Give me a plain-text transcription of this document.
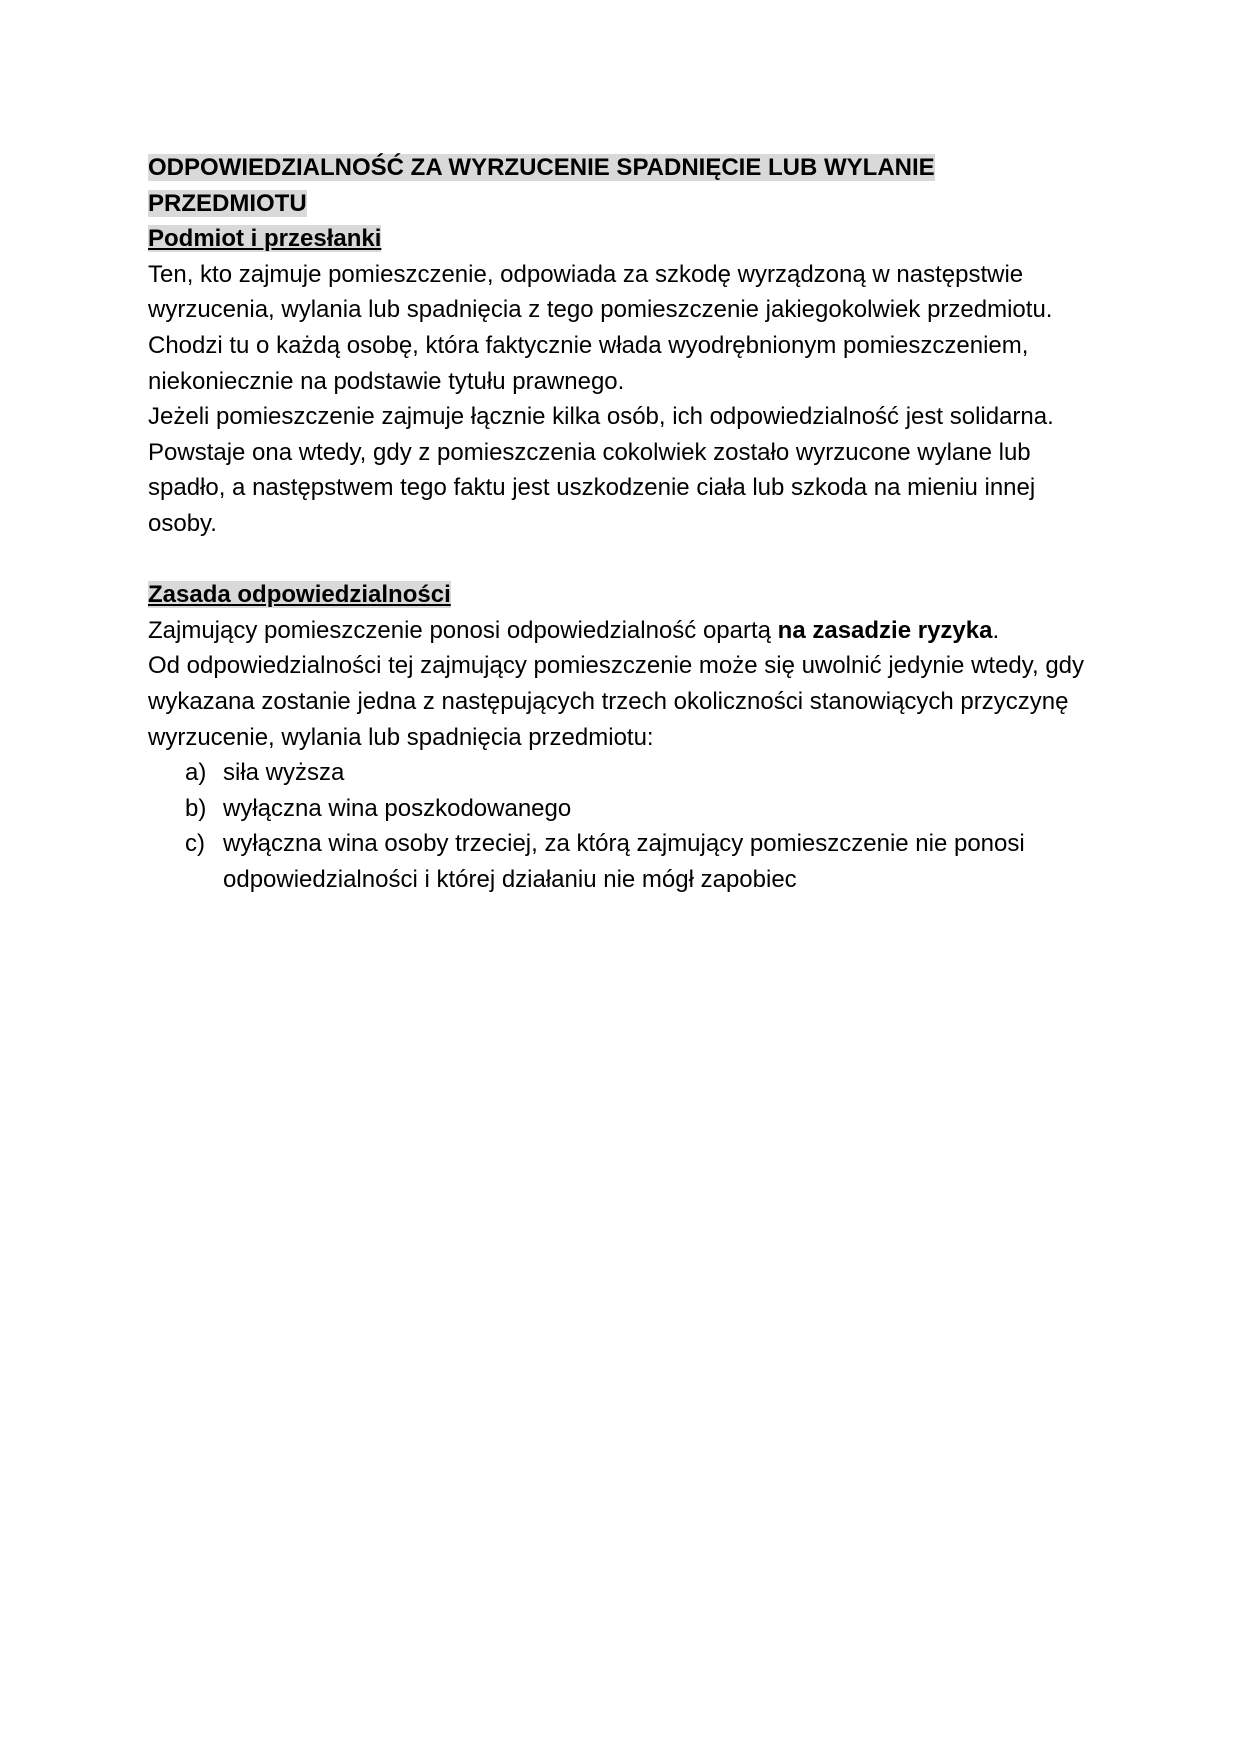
ODPOWIEDZIALNOŚĆ ZA WYRZUCENIE SPADNIĘCIE LUB WYLANIE
PRZEDMIOTU
Podmiot i przesłanki

Ten, kto zajmuje pomieszczenie, odpowiada za szkodę wyrządzoną w następstwie wyrzucenia, wylania lub spadnięcia z tego pomieszczenie jakiegokolwiek przedmiotu.

Chodzi tu o każdą osobę, która faktycznie włada wyodrębnionym pomieszczeniem, niekoniecznie na podstawie tytułu prawnego.

Jeżeli pomieszczenie zajmuje łącznie kilka osób, ich odpowiedzialność jest solidarna.

Powstaje ona wtedy, gdy z pomieszczenia cokolwiek zostało wyrzucone wylane lub spadło, a następstwem tego faktu jest uszkodzenie ciała lub szkoda na mieniu innej osoby.

Zasada odpowiedzialności

Zajmujący pomieszczenie ponosi odpowiedzialność opartą na zasadzie ryzyka.

Od odpowiedzialności tej zajmujący pomieszczenie może się uwolnić jedynie wtedy, gdy wykazana zostanie jedna z następujących trzech okoliczności stanowiących przyczynę wyrzucenie, wylania lub spadnięcia przedmiotu:

a) siła wyższa
b) wyłączna wina poszkodowanego
c) wyłączna wina osoby trzeciej, za którą zajmujący pomieszczenie nie ponosi odpowiedzialności i której działaniu nie mógł zapobiec
